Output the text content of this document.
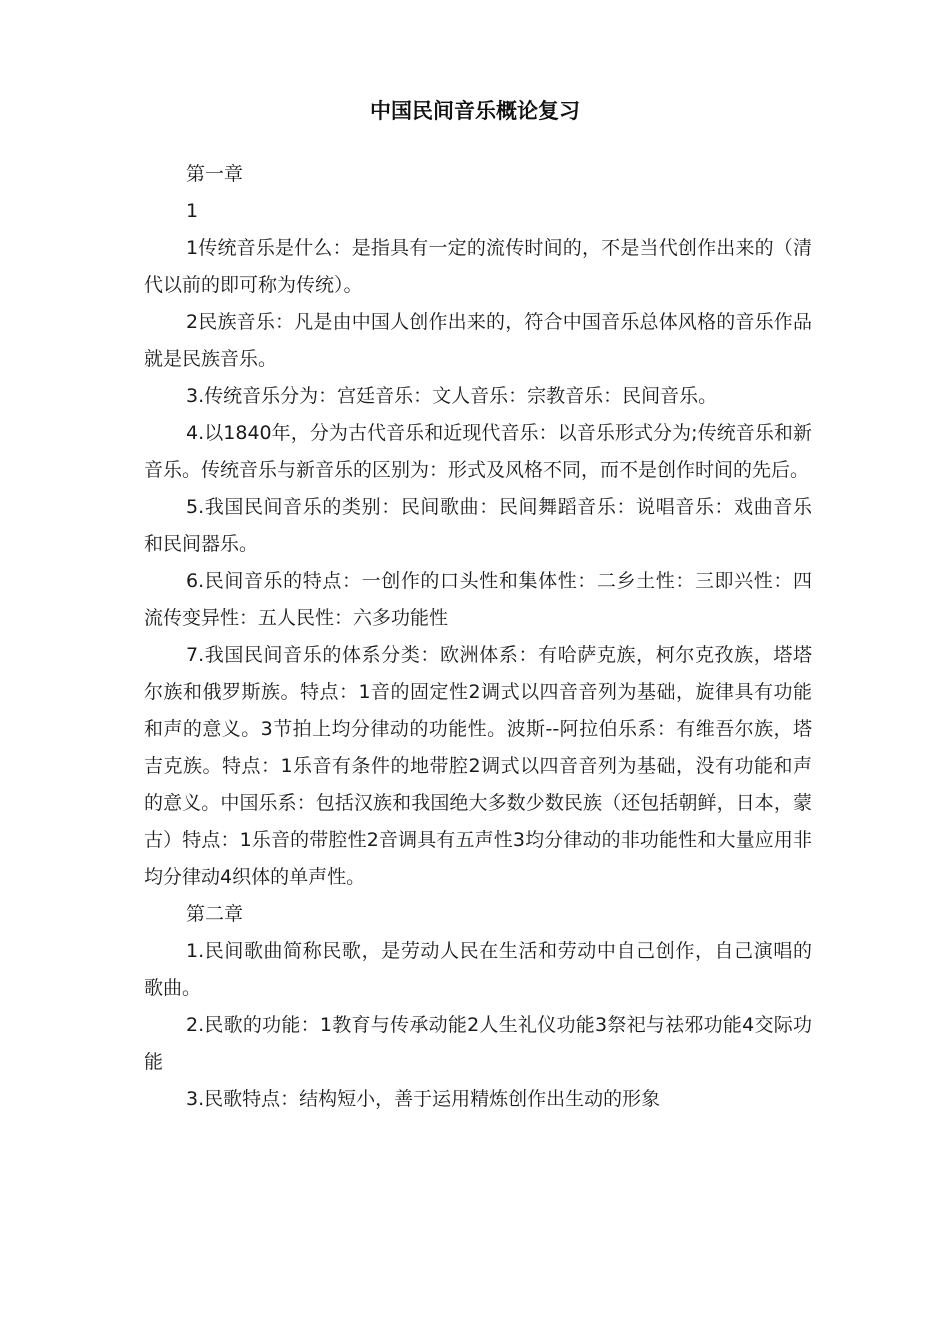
中国民间音乐概论复习

第一章

1

1传统音乐是什么：是指具有一定的流传时间的，不是当代创作出来的（清代以前的即可称为传统）。

2民族音乐：凡是由中国人创作出来的，符合中国音乐总体风格的音乐作品就是民族音乐。

3.传统音乐分为：宫廷音乐：文人音乐：宗教音乐：民间音乐。

4.以1840年，分为古代音乐和近现代音乐：以音乐形式分为;传统音乐和新音乐。传统音乐与新音乐的区别为：形式及风格不同，而不是创作时间的先后。

5.我国民间音乐的类别：民间歌曲：民间舞蹈音乐：说唱音乐：戏曲音乐和民间器乐。

6.民间音乐的特点：一创作的口头性和集体性：二乡土性：三即兴性：四流传变异性：五人民性：六多功能性

7.我国民间音乐的体系分类：欧洲体系：有哈萨克族，柯尔克孜族，塔塔尔族和俄罗斯族。特点：1音的固定性2调式以四音音列为基础，旋律具有功能和声的意义。3节拍上均分律动的功能性。波斯--阿拉伯乐系：有维吾尔族，塔吉克族。特点：1乐音有条件的地带腔2调式以四音音列为基础，没有功能和声的意义。中国乐系：包括汉族和我国绝大多数少数民族（还包括朝鲜，日本，蒙古）特点：1乐音的带腔性2音调具有五声性3均分律动的非功能性和大量应用非均分律动4织体的单声性。

第二章

1.民间歌曲简称民歌，是劳动人民在生活和劳动中自己创作，自己演唱的歌曲。

2.民歌的功能：1教育与传承动能2人生礼仪功能3祭祀与祛邪功能4交际功能

3.民歌特点：结构短小，善于运用精炼创作出生动的形象
